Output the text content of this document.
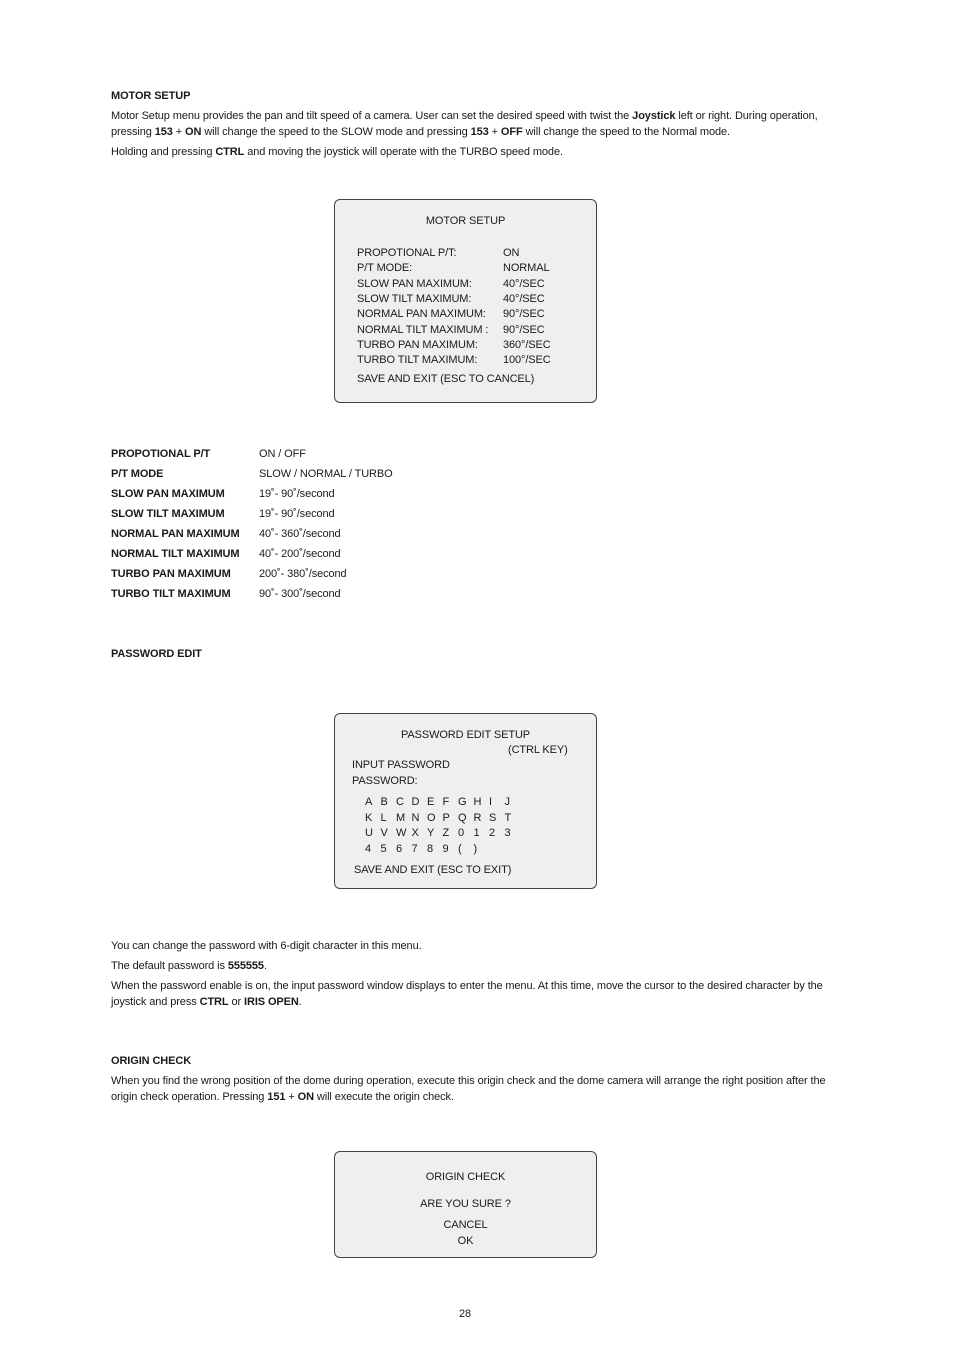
MOTOR SETUP

Motor Setup menu provides the pan and tilt speed of a camera. User can set the desired speed with twist the Joystick left or right. During operation, pressing 153 + ON will change the speed to the SLOW mode and pressing 153 + OFF will change the speed to the Normal mode.

Holding and pressing CTRL and moving the joystick will operate with the TURBO speed mode.

MOTOR SETUP
SAVE AND EXIT (ESC TO CANCEL)
PROPOTIONAL P/T:	ON
P/T MODE:	NORMAL
SLOW PAN MAXIMUM:	40°/SEC
SLOW TILT MAXIMUM:	40°/SEC
NORMAL PAN MAXIMUM: 90°/SEC
NORMAL TILT MAXIMUM : 90°/SEC
TURBO PAN MAXIMUM: 360°/SEC
TURBO TILT MAXIMUM: 100°/SEC
PROPOTIONAL P/T	ON / OFF
P/T MODE	SLOW / NORMAL / TURBO
SLOW PAN MAXIMUM	19˚- 90˚/second
SLOW TILT MAXIMUM	19˚- 90˚/second
NORMAL PAN MAXIMUM 40˚- 360˚/second
NORMAL TILT MAXIMUM 40˚- 200˚/second
TURBO PAN MAXIMUM	200˚- 380˚/second
TURBO TILT MAXIMUM	90˚- 300˚/second
PASSWORD EDIT
PASSWORD EDIT SETUP
(CTRL KEY)
INPUT PASSWORD
PASSWORD:
SAVE AND EXIT (ESC TO EXIT)
A B C D E F G H I J
K L M N O P Q R S T
U V W X Y Z 0 1 2 3
4 5 6 7 8 9 ( )

You can change the password with 6-digit character in this menu.

The default password is 555555.

When the password enable is on, the input password window displays to enter the menu. At this time, move the cursor to the desired character by the joystick and press CTRL or IRIS OPEN.

ORIGIN CHECK

When you find the wrong position of the dome during operation, execute this origin check and the dome camera will arrange the right position after the origin check operation. Pressing 151 + ON will execute the origin check.

ORIGIN CHECK
ARE YOU SURE ?
CANCEL
OK
28
